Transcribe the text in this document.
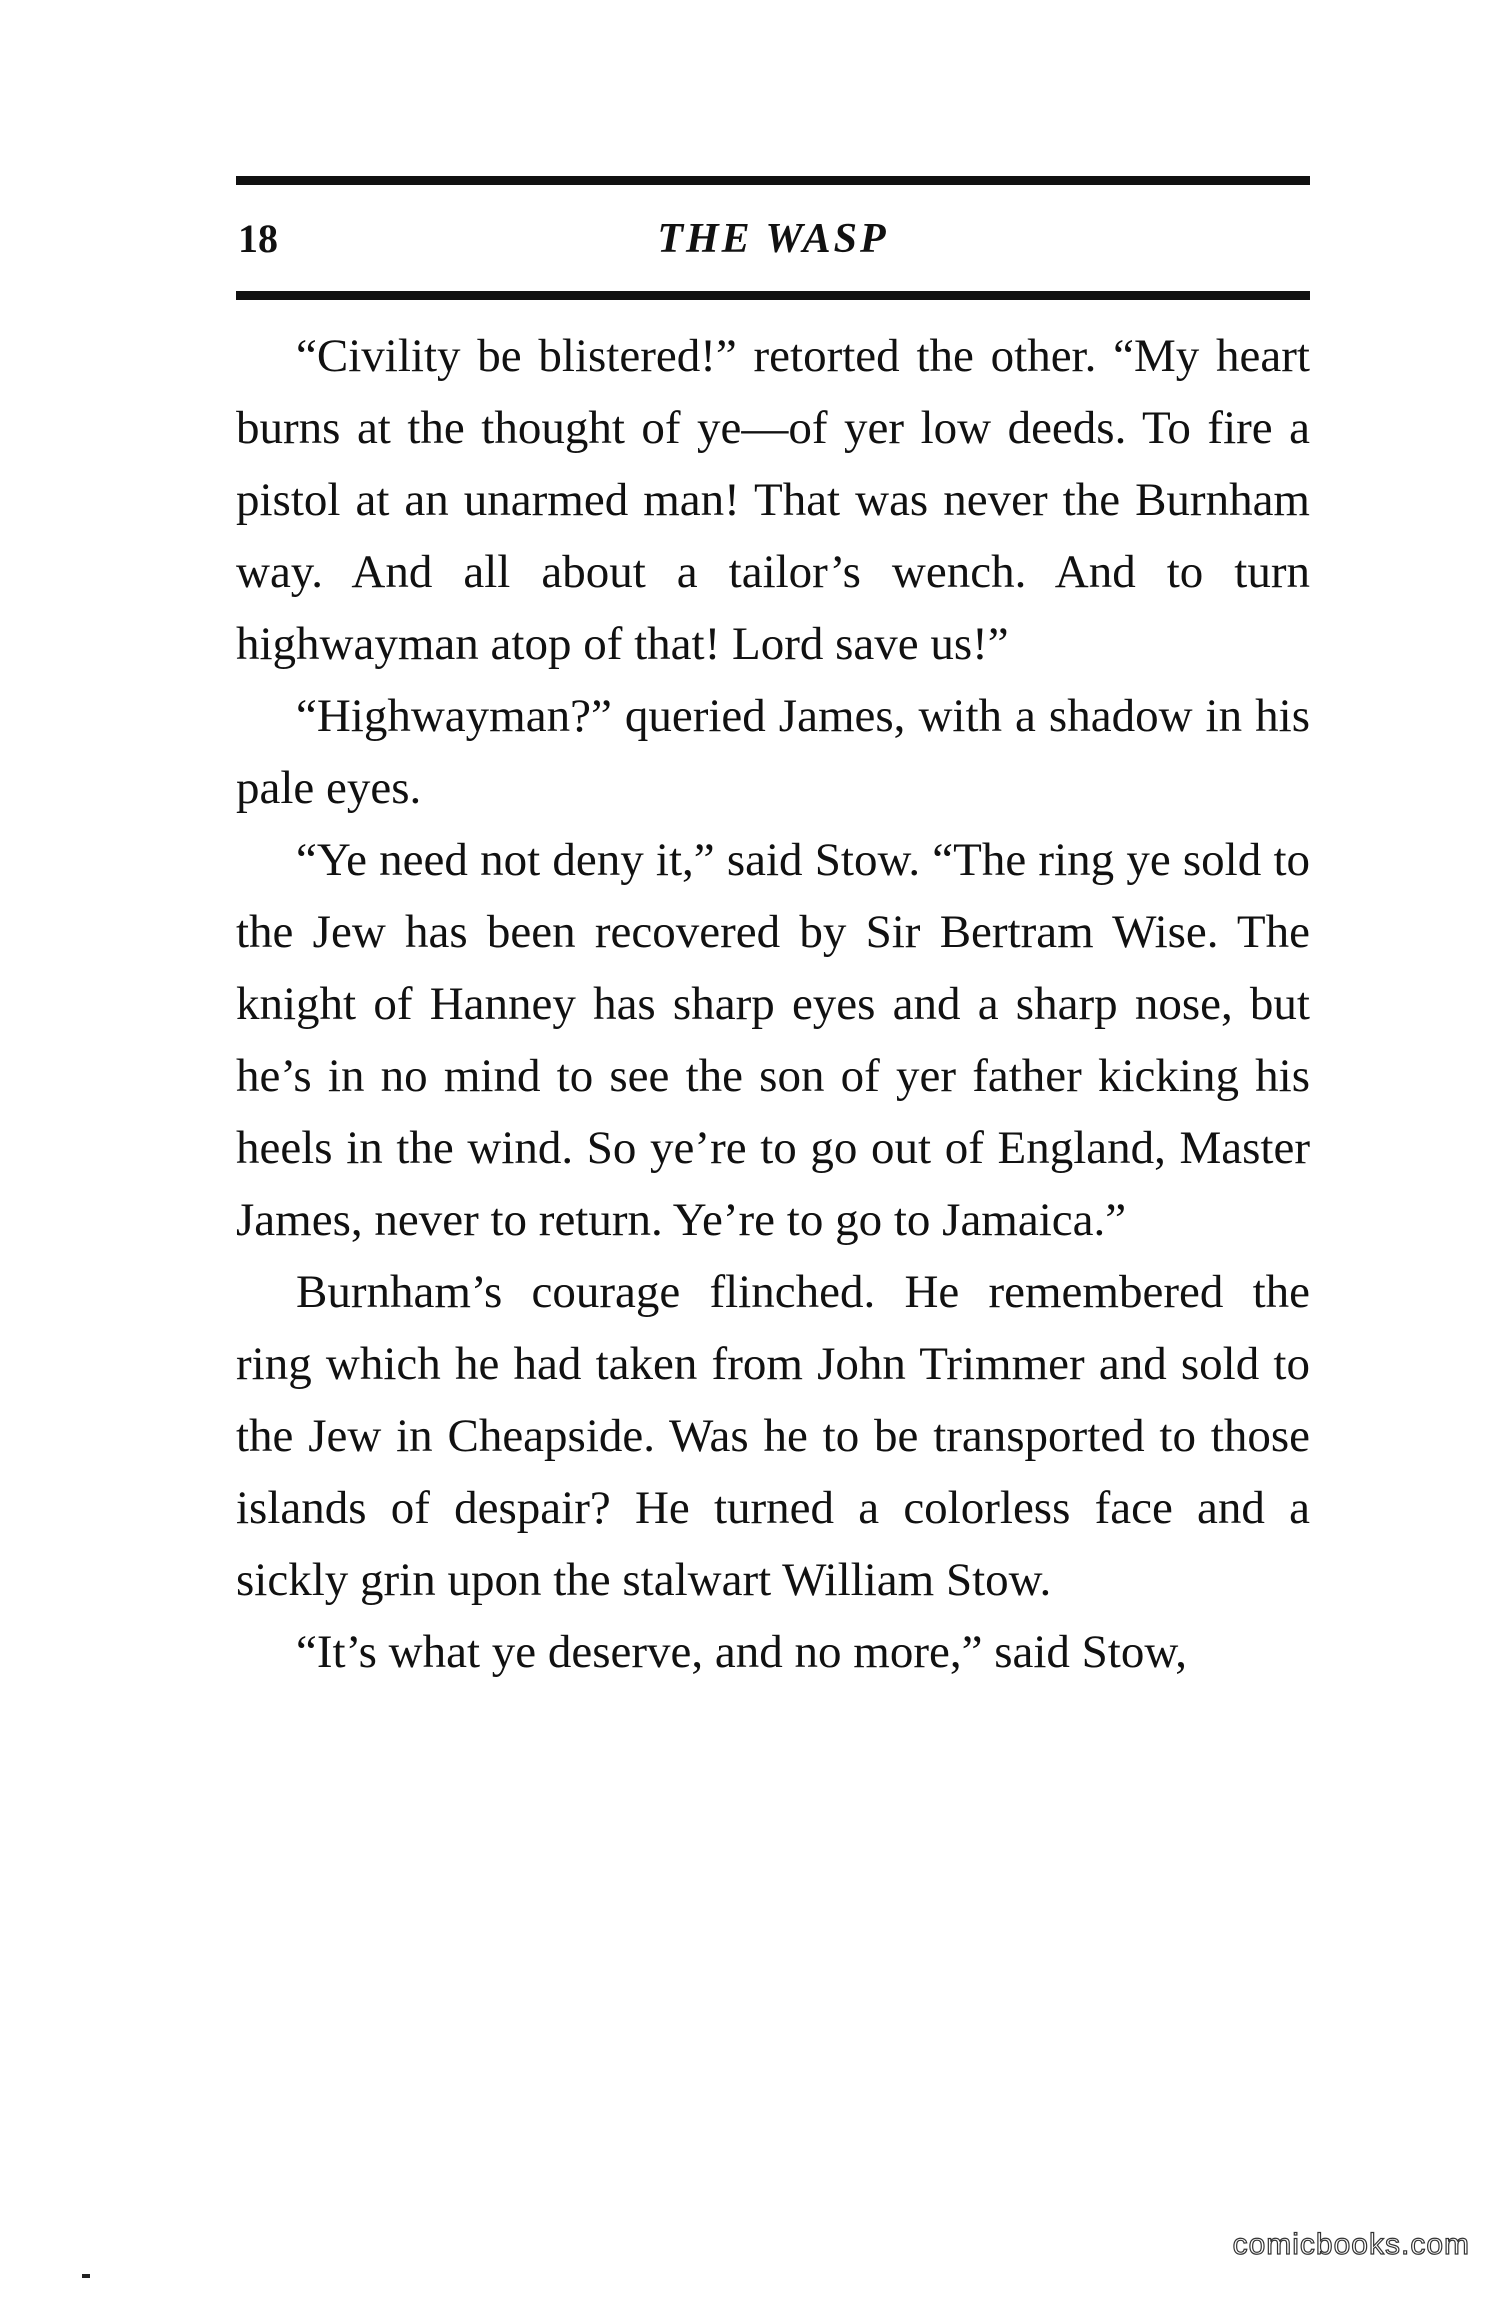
18	THE WASP

“Civility be blistered!” retorted the other. “My heart burns at the thought of ye—of yer low deeds. To fire a pistol at an unarmed man! That was never the Burnham way. And all about a tailor’s wench. And to turn highwayman atop of that! Lord save us!”

“Highwayman?” queried James, with a shadow in his pale eyes.

“Ye need not deny it,” said Stow. “The ring ye sold to the Jew has been recovered by Sir Bertram Wise. The knight of Hanney has sharp eyes and a sharp nose, but he’s in no mind to see the son of yer father kicking his heels in the wind. So ye’re to go out of England, Master James, never to return. Ye’re to go to Jamaica.”

Burnham’s courage flinched. He remembered the ring which he had taken from John Trimmer and sold to the Jew in Cheapside. Was he to be transported to those islands of despair? He turned a colorless face and a sickly grin upon the stalwart William Stow.

“It’s what ye deserve, and no more,” said Stow,

comicbooks.com
